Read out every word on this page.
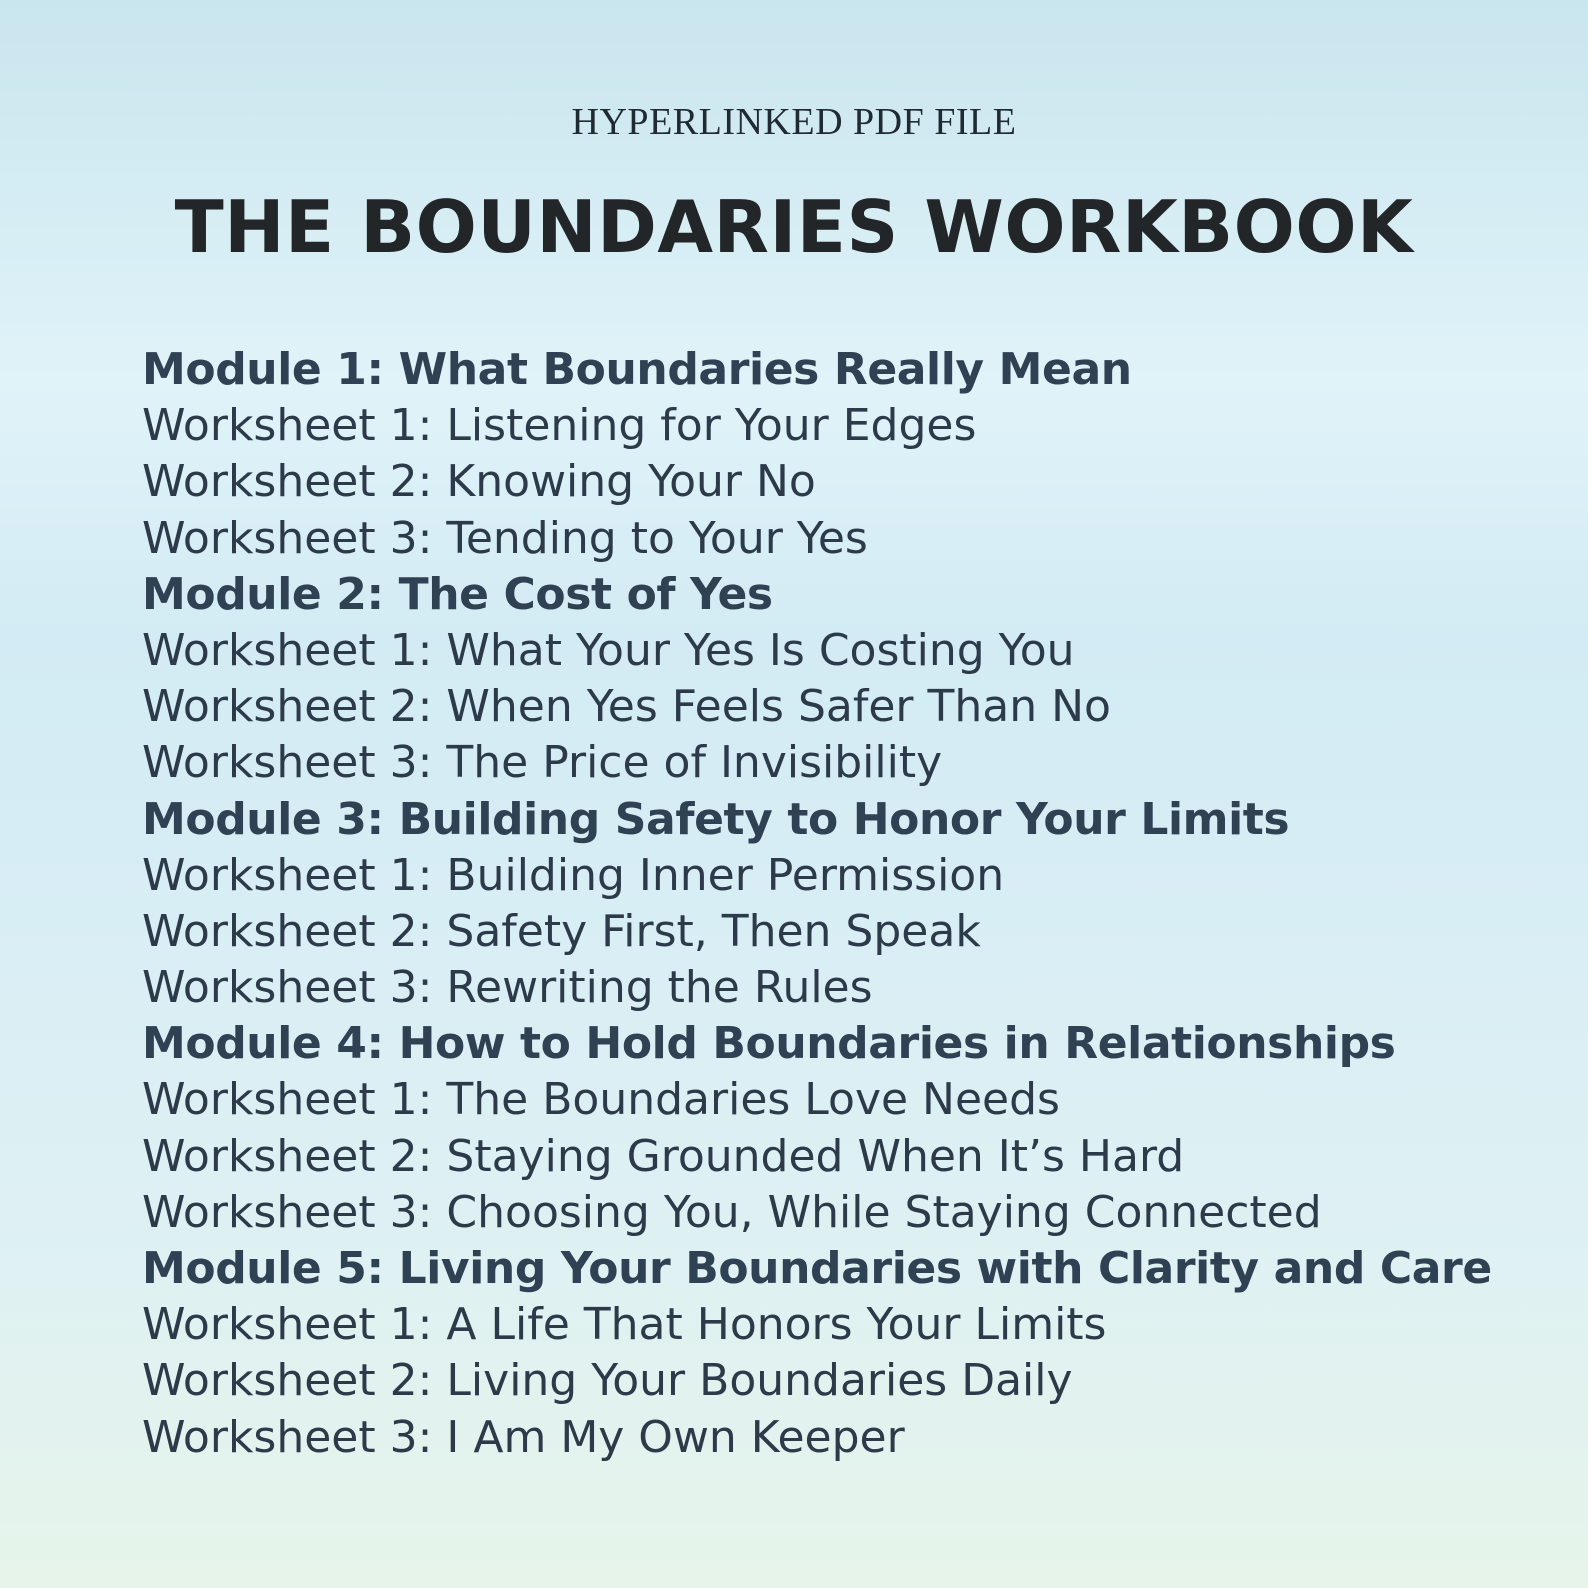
HYPERLINKED PDF FILE
THE BOUNDARIES WORKBOOK
Module 1: What Boundaries Really Mean
Worksheet 1: Listening for Your Edges
Worksheet 2: Knowing Your No
Worksheet 3: Tending to Your Yes
Module 2: The Cost of Yes
Worksheet 1: What Your Yes Is Costing You
Worksheet 2: When Yes Feels Safer Than No
Worksheet 3: The Price of Invisibility
Module 3: Building Safety to Honor Your Limits
Worksheet 1: Building Inner Permission
Worksheet 2: Safety First, Then Speak
Worksheet 3: Rewriting the Rules
Module 4: How to Hold Boundaries in Relationships
Worksheet 1: The Boundaries Love Needs
Worksheet 2: Staying Grounded When It’s Hard
Worksheet 3: Choosing You, While Staying Connected
Module 5: Living Your Boundaries with Clarity and Care
Worksheet 1: A Life That Honors Your Limits
Worksheet 2: Living Your Boundaries Daily
Worksheet 3: I Am My Own Keeper
